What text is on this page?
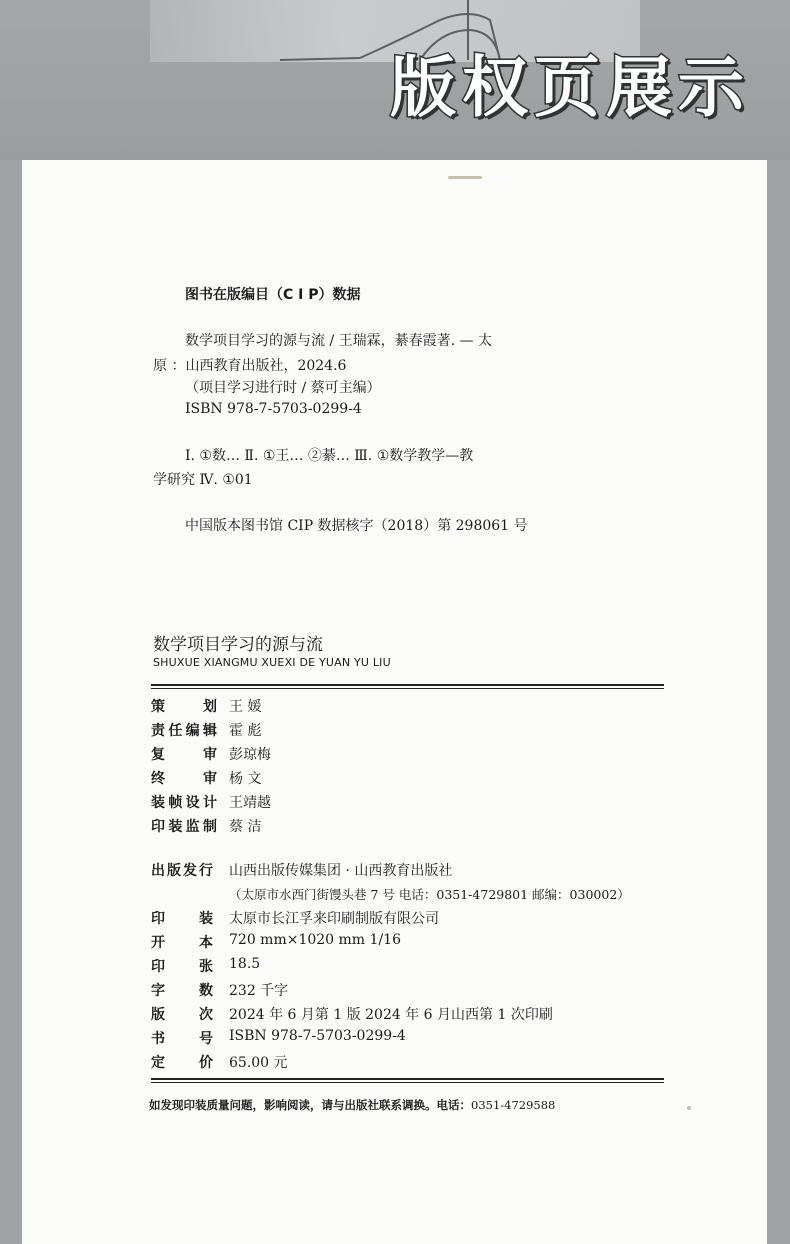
版权页展示
图书在版编目（C I P）数据
数学项目学习的源与流 / 王瑞霖，綦春霞著. — 太
原 ：山西教育出版社，2024.6
（项目学习进行时 / 蔡可主编）
ISBN 978-7-5703-0299-4
Ⅰ. ①数… Ⅱ. ①王… ②綦… Ⅲ. ①数学教学—教
学研究 Ⅳ. ①01
中国版本图书馆 CIP 数据核字（2018）第 298061 号
数学项目学习的源与流
SHUXUE XIANGMU XUEXI DE YUAN YU LIU
策	划 王 媛
责 任 编 辑 霍 彪
复	审 彭琼梅
终	审 杨 文
装 帧 设 计 王靖越
印 装 监 制 蔡 洁
出 版 发 行 山西出版传媒集团 · 山西教育出版社
（太原市水西门街馒头巷 7 号 电话：0351-4729801 邮编：030002）
印 装 太原市长江孚来印刷制版有限公司
开 本 720 mm×1020 mm 1/16
印 张 18.5
字 数 232 千字
版 次 2024 年 6 月第 1 版 2024 年 6 月山西第 1 次印刷
书 号 ISBN 978-7-5703-0299-4
定 价 65.00 元
如发现印装质量问题，影响阅读，请与出版社联系调换。电话：0351-4729588
